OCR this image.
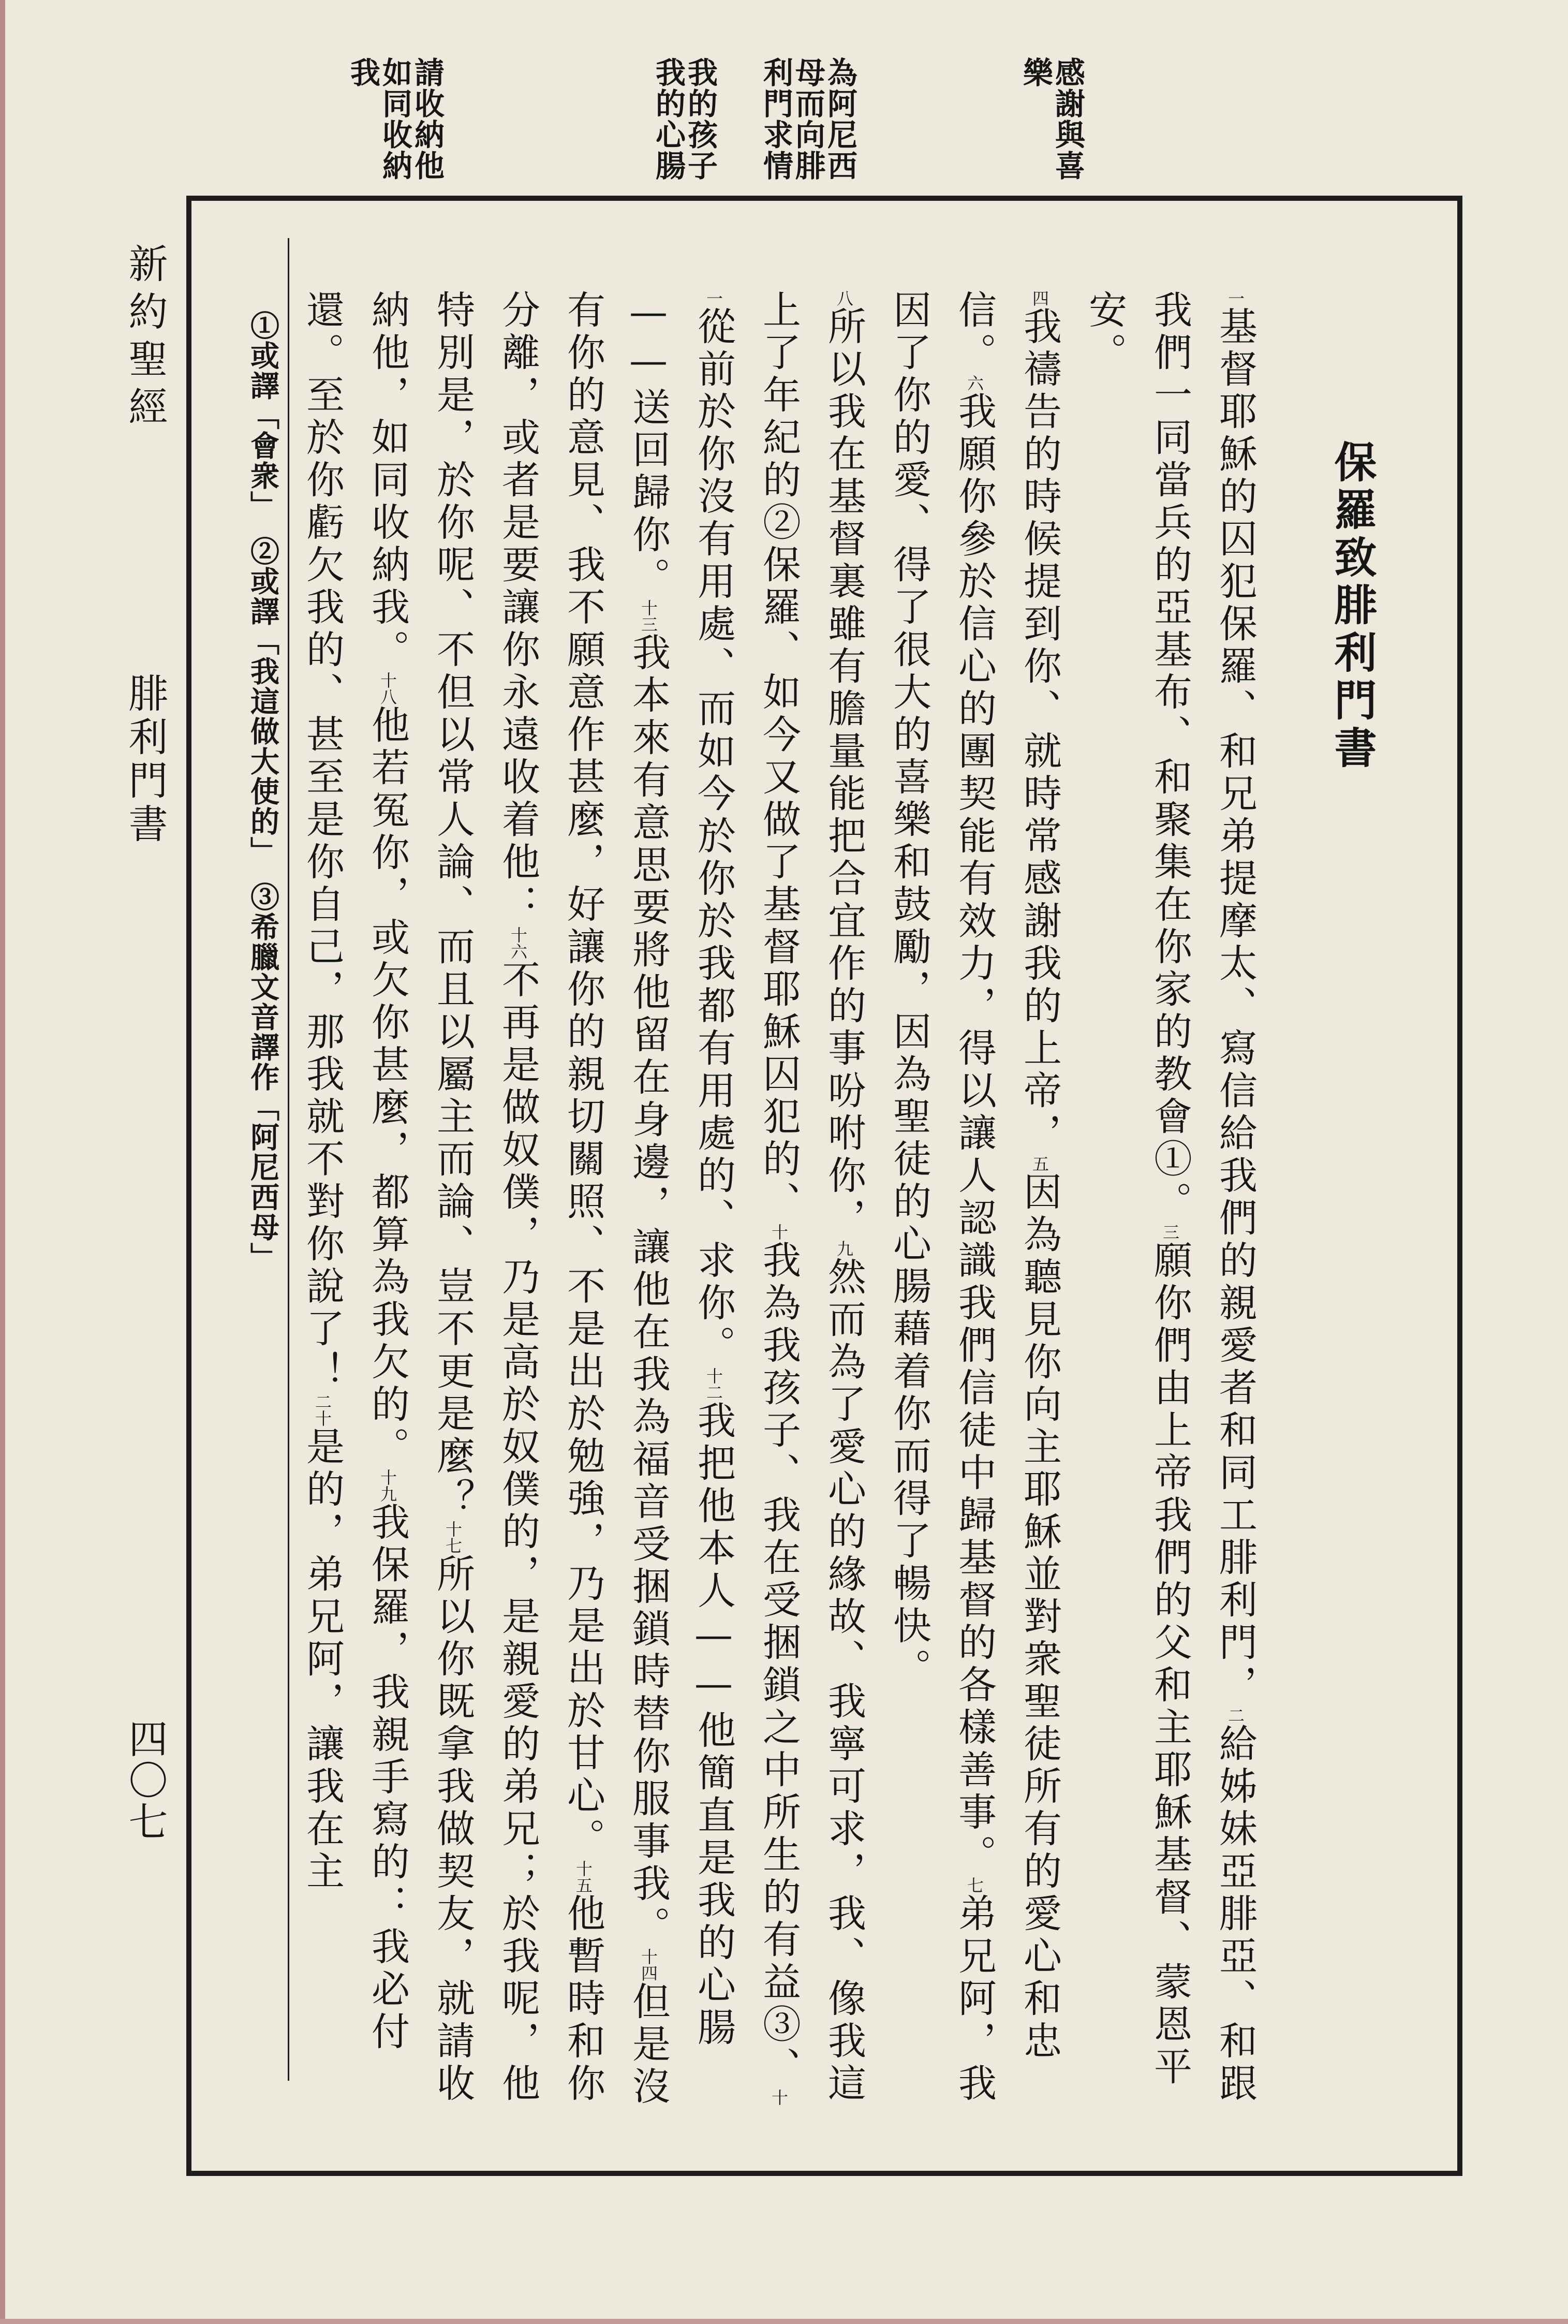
感謝與喜樂
為阿尼西母而向腓利門求情
我的孩子我的心腸
請收納他如同收納我
保羅致腓利門書
一基督耶穌的囚犯保羅、和兄弟提摩太、寫信給我們的親愛者和同工腓利門，二給姊妹亞腓亞、和跟我們一同當兵的亞基布、和聚集在你家的教會①。三願你們由上帝我們的父和主耶穌基督、蒙恩平安。
四我禱告的時候提到你、就時常感謝我的上帝，五因為聽見你向主耶穌並對衆聖徒所有的愛心和忠信。六我願你參於信心的團契能有效力，得以讓人認識我們信徒中歸基督的各樣善事。七弟兄阿，我因了你的愛、得了很大的喜樂和鼓勵，因為聖徒的心腸藉着你而得了暢快。
八所以我在基督裏雖有膽量能把合宜作的事吩咐你，九然而為了愛心的緣故、我寧可求，我、像我這上了年紀的②保羅、如今又做了基督耶穌囚犯的、十我為我孩子、我在受捆鎖之中所生的有益③、十一從前於你沒有用處、而如今於你於我都有用處的、求你。十二我把他本人——他簡直是我的心腸——送回歸你。十三我本來有意思要將他留在身邊，讓他在我為福音受捆鎖時替你服事我。十四但是沒有你的意見、我不願意作甚麼，好讓你的親切關照、不是出於勉強，乃是出於甘心。十五他暫時和你分離，或者是要讓你永遠收着他：十六不再是做奴僕，乃是高於奴僕的，是親愛的弟兄；於我呢，他特別是，於你呢、不但以常人論、而且以屬主而論、豈不更是麼？十七所以你既拿我做契友，就請收納他，如同收納我。十八他若冤你，或欠你甚麼，都算為我欠的。十九我保羅，我親手寫的：我必付還。至於你虧欠我的、甚至是你自己，那我就不對你說了！二十是的，弟兄阿，讓我在主
①或譯「會衆」　②或譯「我這做大使的」　③希臘文音譯作「阿尼西母」
新約聖經
腓利門書
四〇七
